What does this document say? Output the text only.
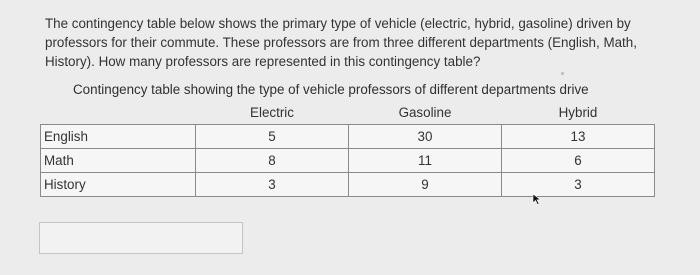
The contingency table below shows the primary type of vehicle (electric, hybrid, gasoline) driven by professors for their commute. These professors are from three different departments (English, Math, History). How many professors are represented in this contingency table?
Contingency table showing the type of vehicle professors of different departments drive
	Electric	Gasoline	Hybrid
English	5	30	13
Math	8	11	6
History	3	9	3
